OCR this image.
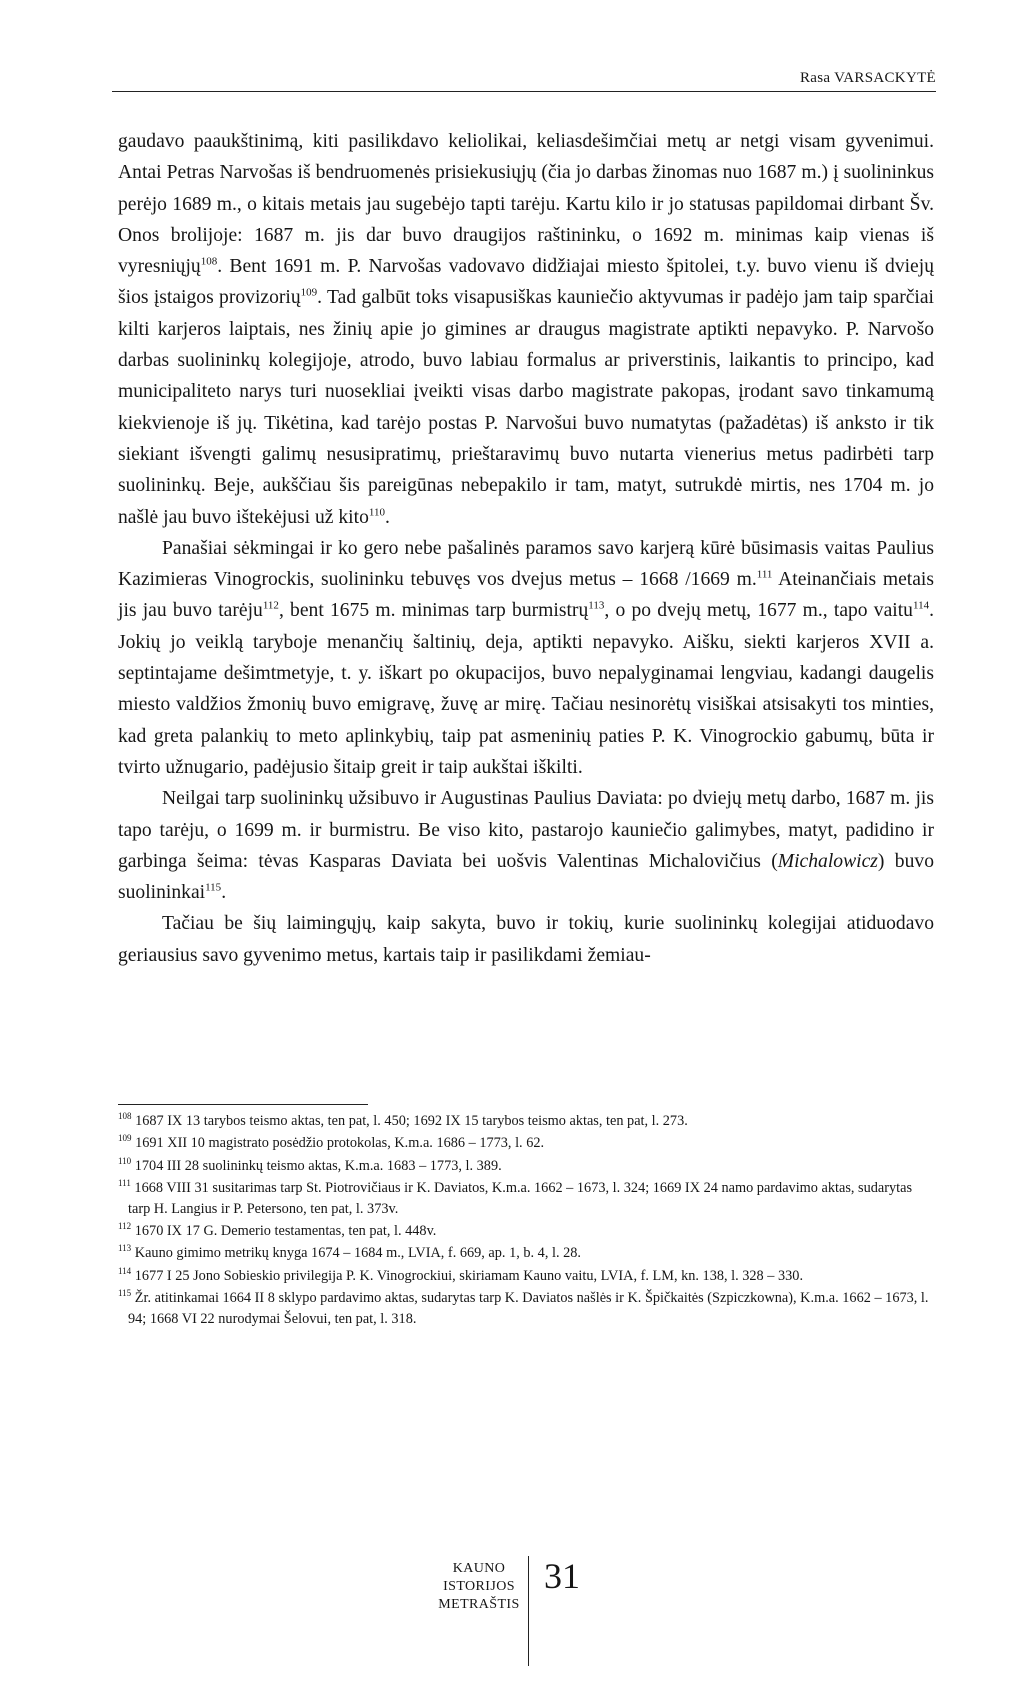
Rasa VARSACKYTĖ

gaudavo paaukštinimą, kiti pasilikdavo keliolikai, keliasdešimčiai metų ar netgi visam gyvenimui. Antai Petras Narvošas iš bendruomenės prisiekusiųjų (čia jo darbas žinomas nuo 1687 m.) į suolininkus perėjo 1689 m., o kitais metais jau sugebėjo tapti tarėju. Kartu kilo ir jo statusas papildomai dirbant Šv. Onos brolijoje: 1687 m. jis dar buvo draugijos raštininku, o 1692 m. minimas kaip vienas iš vyresniųjų$^{108}$. Bent 1691 m. P. Narvošas vadovavo didžiajai miesto špitolei, t.y. buvo vienu iš dviejų šios įstaigos provizorių$^{109}$. Tad galbūt toks visapusiškas kauniečio aktyvumas ir padėjo jam taip sparčiai kilti karjeros laiptais, nes žinių apie jo gimines ar draugus magistrate aptikti nepavyko. P. Narvošo darbas suolininkų kolegijoje, atrodo, buvo labiau formalus ar priverstinis, laikantis to principo, kad municipaliteto narys turi nuosekliai įveikti visas darbo magistrate pakopas, įrodant savo tinkamumą kiekvienoje iš jų. Tikėtina, kad tarėjo postas P. Narvošui buvo numatytas (pažadėtas) iš anksto ir tik siekiant išvengti galimų nesusipratimų, prieštaravimų buvo nutarta vienerius metus padirbėti tarp suolininkų. Beje, aukščiau šis pareigūnas nebepakilo ir tam, matyt, sutrukdė mirtis, nes 1704 m. jo našlė jau buvo ištekėjusi už kito$^{110}$.

Panašiai sėkmingai ir ko gero nebe pašalinės paramos savo karjerą kūrė būsimasis vaitas Paulius Kazimieras Vinogrockis, suolininku tebuvęs vos dvejus metus – 1668 /1669 m.$^{111}$ Ateinančiais metais jis jau buvo tarėju$^{112}$, bent 1675 m. minimas tarp burmistrų$^{113}$, o po dvejų metų, 1677 m., tapo vaitu$^{114}$. Jokių jo veiklą taryboje menančių šaltinių, deja, aptikti nepavyko. Aišku, siekti karjeros XVII a. septintajame dešimtmetyje, t. y. iškart po okupacijos, buvo nepalyginamai lengviau, kadangi daugelis miesto valdžios žmonių buvo emigravę, žuvę ar mirę. Tačiau nesinorėtų visiškai atsisakyti tos minties, kad greta palankių to meto aplinkybių, taip pat asmeninių paties P. K. Vinogrockio gabumų, būta ir tvirto užnugario, padėjusio šitaip greit ir taip aukštai iškilti.

Neilgai tarp suolininkų užsibuvo ir Augustinas Paulius Daviata: po dviejų metų darbo, 1687 m. jis tapo tarėju, o 1699 m. ir burmistru. Be viso kito, pastarojo kauniečio galimybes, matyt, padidino ir garbinga šeima: tėvas Kasparas Daviata bei uošvis Valentinas Michalovičius (Michalowicz) buvo suolininkai$^{115}$.

Tačiau be šių laimingųjų, kaip sakyta, buvo ir tokių, kurie suolininkų kolegijai atiduodavo geriausius savo gyvenimo metus, kartais taip ir pasilikdami žemiau-

$^{108}$ 1687 IX 13 tarybos teismo aktas, ten pat, l. 450; 1692 IX 15 tarybos teismo aktas, ten pat, l. 273.
$^{109}$ 1691 XII 10 magistrato posėdžio protokolas, K.m.a. 1686 – 1773, l. 62.
$^{110}$ 1704 III 28 suolininkų teismo aktas, K.m.a. 1683 – 1773, l. 389.
$^{111}$ 1668 VIII 31 susitarimas tarp St. Piotrovičiaus ir K. Daviatos, K.m.a. 1662 – 1673, l. 324; 1669 IX 24 namo pardavimo aktas, sudarytas tarp H. Langius ir P. Petersono, ten pat, l. 373v.
$^{112}$ 1670 IX 17 G. Demerio testamentas, ten pat, l. 448v.
$^{113}$ Kauno gimimo metrikų knyga 1674 – 1684 m., LVIA, f. 669, ap. 1, b. 4, l. 28.
$^{114}$ 1677 I 25 Jono Sobieskio privilegija P. K. Vinogrockiui, skiriamam Kauno vaitu, LVIA, f. LM, kn. 138, l. 328 – 330.
$^{115}$ Žr. atitinkamai 1664 II 8 sklypo pardavimo aktas, sudarytas tarp K. Daviatos našlės ir K. Špičkaitės (Szpiczkowna), K.m.a. 1662 – 1673, l. 94; 1668 VI 22 nurodymai Šelovui, ten pat, l. 318.
KAUNO
ISTORIJOS
METRAŠTIS
31
